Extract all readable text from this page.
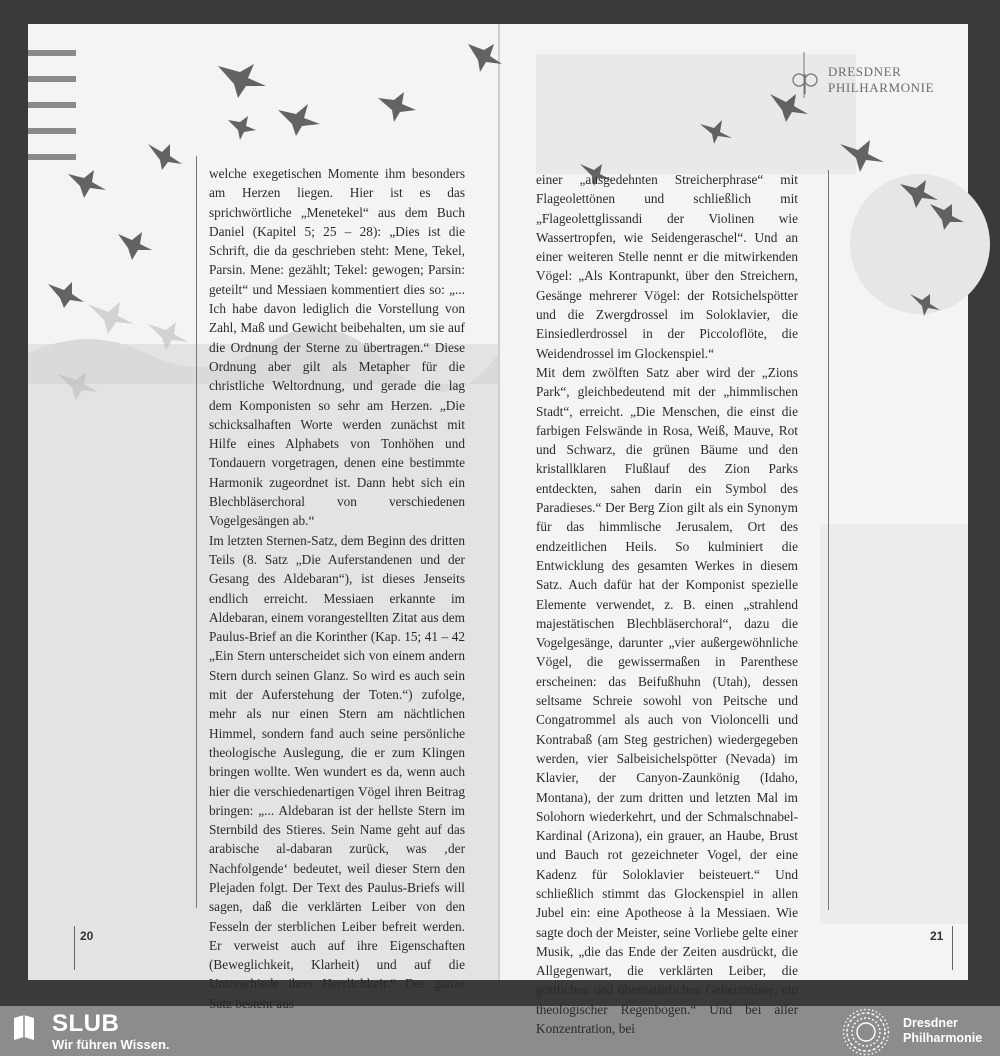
welche exegetischen Momente ihm besonders am Herzen liegen. Hier ist es das sprichwörtliche „Menetekel“ aus dem Buch Daniel (Kapitel 5; 25 – 28): „Dies ist die Schrift, die da geschrieben steht: Mene, Tekel, Parsin. Mene: gezählt; Tekel: gewogen; Parsin: geteilt“ und Messiaen kommentiert dies so: „... Ich habe davon lediglich die Vorstellung von Zahl, Maß und Gewicht beibehalten, um sie auf die Ordnung der Sterne zu übertragen.“ Diese Ordnung aber gilt als Metapher für die christliche Weltordnung, und gerade die lag dem Komponisten so sehr am Herzen. „Die schicksalhaften Worte werden zunächst mit Hilfe eines Alphabets von Tonhöhen und Tondauern vorgetragen, denen eine bestimmte Harmonik zugeordnet ist. Dann hebt sich ein Blechbläserchoral von verschiedenen Vogelgesängen ab.“

Im letzten Sternen-Satz, dem Beginn des dritten Teils (8. Satz „Die Auferstandenen und der Gesang des Aldebaran“), ist dieses Jenseits endlich erreicht. Messiaen erkannte im Aldebaran, einem vorangestellten Zitat aus dem Paulus-Brief an die Korinther (Kap. 15; 41 – 42 „Ein Stern unterscheidet sich von einem andern Stern durch seinen Glanz. So wird es auch sein mit der Auferstehung der Toten.“) zufolge, mehr als nur einen Stern am nächtlichen Himmel, sondern fand auch seine persönliche theologische Auslegung, die er zum Klingen bringen wollte. Wen wundert es da, wenn auch hier die verschiedenartigen Vögel ihren Beitrag bringen: „... Aldebaran ist der hellste Stern im Sternbild des Stieres. Sein Name geht auf das arabische al-dabaran zurück, was ‚der Nachfolgende‘ bedeutet, weil dieser Stern den Plejaden folgt. Der Text des Paulus-Briefs will sagen, daß die verklärten Leiber von den Fesseln der sterblichen Leiber befreit werden. Er verweist auch auf ihre Eigenschaften (Beweglichkeit, Klarheit) und auf die Unterschiede ihrer Herrlichkeit.“ Der ganze Satz besteht aus

20
DRESDNER
PHILHARMONIE

einer „ausgedehnten Streicherphrase“ mit Flageolettönen und schließlich mit „Flageolettglissandi der Violinen wie Wassertropfen, wie Seidengeraschel“. Und an einer weiteren Stelle nennt er die mitwirkenden Vögel: „Als Kontrapunkt, über den Streichern, Gesänge mehrerer Vögel: der Rotsichelspötter und die Zwergdrossel im Soloklavier, die Einsiedlerdrossel in der Piccoloflöte, die Weidendrossel im Glockenspiel.“

Mit dem zwölften Satz aber wird der „Zions Park“, gleichbedeutend mit der „himmlischen Stadt“, erreicht. „Die Menschen, die einst die farbigen Felswände in Rosa, Weiß, Mauve, Rot und Schwarz, die grünen Bäume und den kristallklaren Flußlauf des Zion Parks entdeckten, sahen darin ein Symbol des Paradieses.“ Der Berg Zion gilt als ein Synonym für das himmlische Jerusalem, Ort des endzeitlichen Heils. So kulminiert die Entwicklung des gesamten Werkes in diesem Satz. Auch dafür hat der Komponist spezielle Elemente verwendet, z. B. einen „strahlend majestätischen Blechbläserchoral“, dazu die Vogelgesänge, darunter „vier außergewöhnliche Vögel, die gewissermaßen in Parenthese erscheinen: das Beifußhuhn (Utah), dessen seltsame Schreie sowohl von Peitsche und Congatrommel als auch von Violoncelli und Kontrabaß (am Steg gestrichen) wiedergegeben werden, vier Salbeisichelspötter (Nevada) im Klavier, der Canyon-Zaunkönig (Idaho, Montana), der zum dritten und letzten Mal im Solohorn wiederkehrt, und der Schmalschnabel-Kardinal (Arizona), ein grauer, an Haube, Brust und Bauch rot gezeichneter Vogel, der eine Kadenz für Soloklavier beisteuert.“ Und schließlich stimmt das Glockenspiel in allen Jubel ein: eine Apotheose à la Messiaen. Wie sagte doch der Meister, seine Vorliebe gelte einer Musik, „die das Ende der Zeiten ausdrückt, die Allgegenwart, die verklärten Leiber, die göttlichen und übernatürlichen Geheimnisse, ein theologischer Regenbogen.“ Und bei aller Konzentration, bei

21
SLUB
Wir führen Wissen.
Dresdner
Philharmonie
